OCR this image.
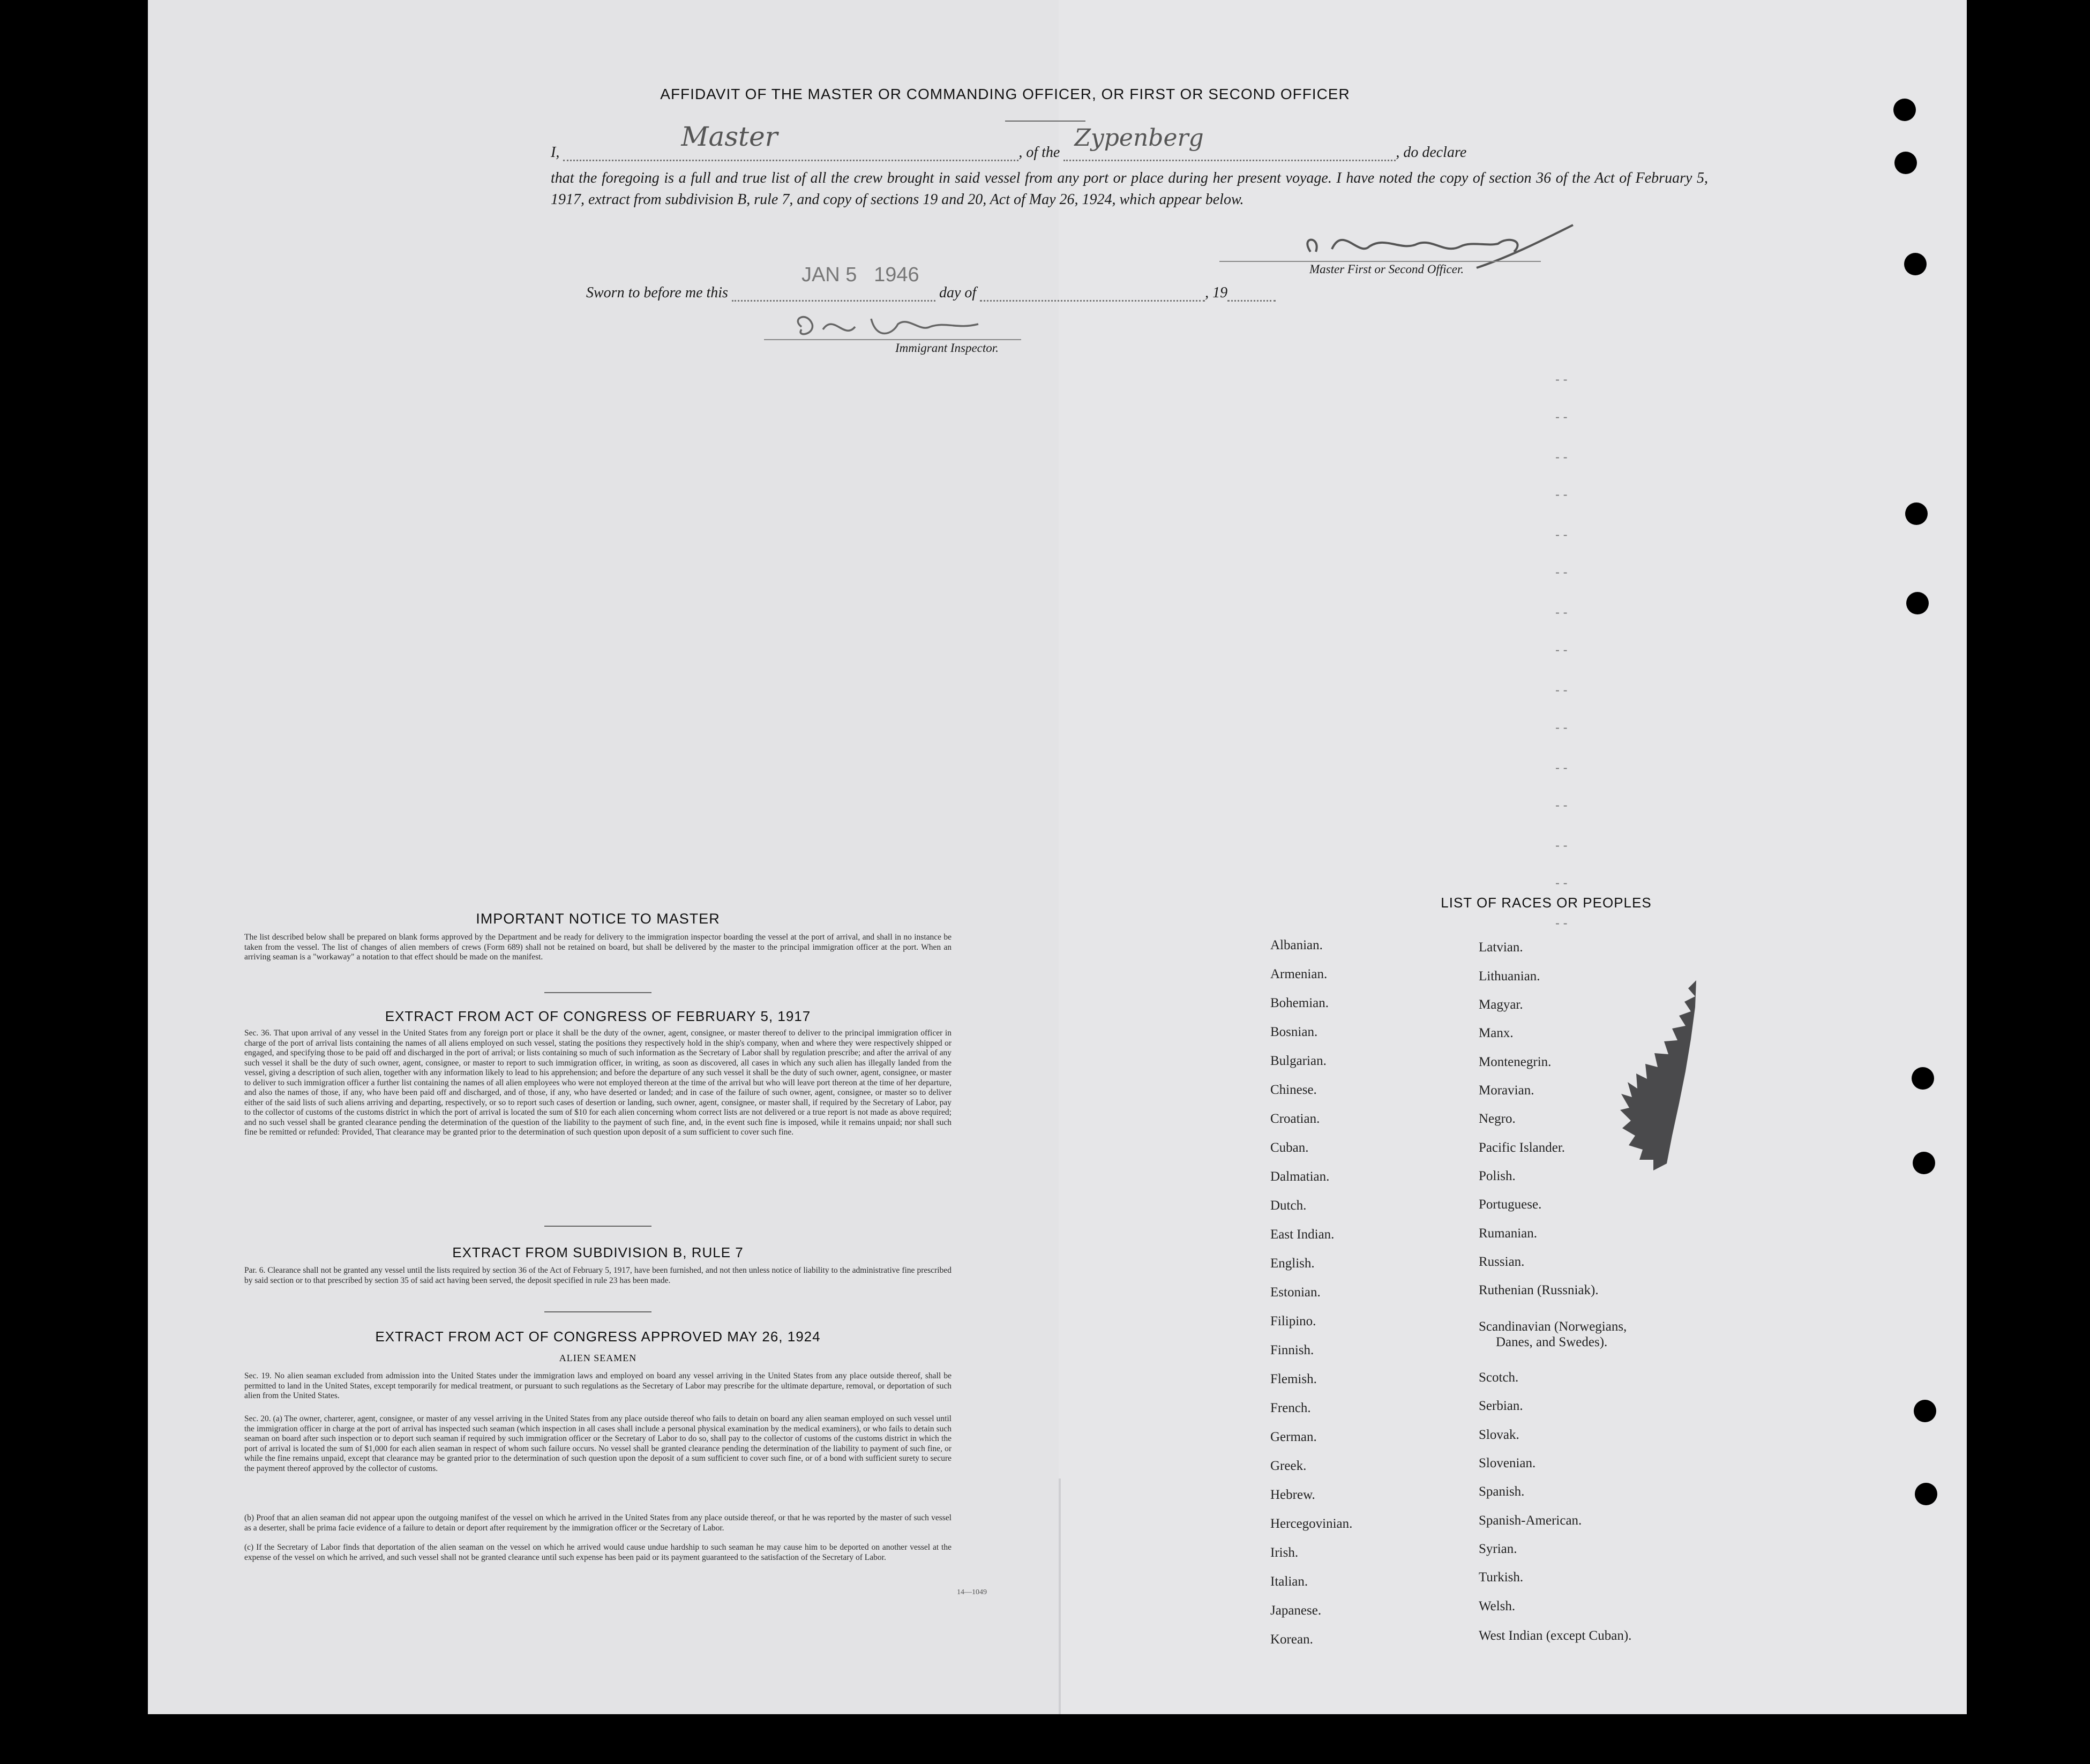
AFFIDAVIT OF THE MASTER OR COMMANDING OFFICER, OR FIRST OR SECOND OFFICER
I,
Master
, of the
Zypenberg
, do declare
that the foregoing is a full and true list of all the crew brought in said vessel from any port or place during her present voyage. I have noted the copy of section 36 of the Act of February 5, 1917, extract from subdivision B, rule 7, and copy of sections 19 and 20, Act of May 26, 1924, which appear below.
Master First or Second Officer.
Sworn to before me this
JAN 5   1946
day of	, 19
Immigrant Inspector.
IMPORTANT NOTICE TO MASTER
The list described below shall be prepared on blank forms approved by the Department and be ready for delivery to the immigration inspector boarding the vessel at the port of arrival, and shall in no instance be taken from the vessel. The list of changes of alien members of crews (Form 689) shall not be retained on board, but shall be delivered by the master to the principal immigration officer at the port. When an arriving seaman is a "workaway" a notation to that effect should be made on the manifest.
EXTRACT FROM ACT OF CONGRESS OF FEBRUARY 5, 1917
Sec. 36. That upon arrival of any vessel in the United States from any foreign port or place it shall be the duty of the owner, agent, consignee, or master thereof to deliver to the principal immigration officer in charge of the port of arrival lists containing the names of all aliens employed on such vessel, stating the positions they respectively hold in the ship's company, when and where they were respectively shipped or engaged, and specifying those to be paid off and discharged in the port of arrival; or lists containing so much of such information as the Secretary of Labor shall by regulation prescribe; and after the arrival of any such vessel it shall be the duty of such owner, agent, consignee, or master to report to such immigration officer, in writing, as soon as discovered, all cases in which any such alien has illegally landed from the vessel, giving a description of such alien, together with any information likely to lead to his apprehension; and before the departure of any such vessel it shall be the duty of such owner, agent, consignee, or master to deliver to such immigration officer a further list containing the names of all alien employees who were not employed thereon at the time of the arrival but who will leave port thereon at the time of her departure, and also the names of those, if any, who have been paid off and discharged, and of those, if any, who have deserted or landed; and in case of the failure of such owner, agent, consignee, or master so to deliver either of the said lists of such aliens arriving and departing, respectively, or so to report such cases of desertion or landing, such owner, agent, consignee, or master shall, if required by the Secretary of Labor, pay to the collector of customs of the customs district in which the port of arrival is located the sum of $10 for each alien concerning whom correct lists are not delivered or a true report is not made as above required; and no such vessel shall be granted clearance pending the determination of the question of the liability to the payment of such fine, and, in the event such fine is imposed, while it remains unpaid; nor shall such fine be remitted or refunded: Provided, That clearance may be granted prior to the determination of such question upon deposit of a sum sufficient to cover such fine.
EXTRACT FROM SUBDIVISION B, RULE 7
Par. 6. Clearance shall not be granted any vessel until the lists required by section 36 of the Act of February 5, 1917, have been furnished, and not then unless notice of liability to the administrative fine prescribed by said section or to that prescribed by section 35 of said act having been served, the deposit specified in rule 23 has been made.
EXTRACT FROM ACT OF CONGRESS APPROVED MAY 26, 1924
ALIEN SEAMEN
Sec. 19. No alien seaman excluded from admission into the United States under the immigration laws and employed on board any vessel arriving in the United States from any place outside thereof, shall be permitted to land in the United States, except temporarily for medical treatment, or pursuant to such regulations as the Secretary of Labor may prescribe for the ultimate departure, removal, or deportation of such alien from the United States.
Sec. 20. (a) The owner, charterer, agent, consignee, or master of any vessel arriving in the United States from any place outside thereof who fails to detain on board any alien seaman employed on such vessel until the immigration officer in charge at the port of arrival has inspected such seaman (which inspection in all cases shall include a personal physical examination by the medical examiners), or who fails to detain such seaman on board after such inspection or to deport such seaman if required by such immigration officer or the Secretary of Labor to do so, shall pay to the collector of customs of the customs district in which the port of arrival is located the sum of $1,000 for each alien seaman in respect of whom such failure occurs. No vessel shall be granted clearance pending the determination of the liability to payment of such fine, or while the fine remains unpaid, except that clearance may be granted prior to the determination of such question upon the deposit of a sum sufficient to cover such fine, or of a bond with sufficient surety to secure the payment thereof approved by the collector of customs.
(b) Proof that an alien seaman did not appear upon the outgoing manifest of the vessel on which he arrived in the United States from any place outside thereof, or that he was reported by the master of such vessel as a deserter, shall be prima facie evidence of a failure to detain or deport after requirement by the immigration officer or the Secretary of Labor.
(c) If the Secretary of Labor finds that deportation of the alien seaman on the vessel on which he arrived would cause undue hardship to such seaman he may cause him to be deported on another vessel at the expense of the vessel on which he arrived, and such vessel shall not be granted clearance until such expense has been paid or its payment guaranteed to the satisfaction of the Secretary of Labor.
14—1049
LIST OF RACES OR PEOPLES
Albanian.
Armenian.
Bohemian.
Bosnian.
Bulgarian.
Chinese.
Croatian.
Cuban.
Dalmatian.
Dutch.
East Indian.
English.
Estonian.
Filipino.
Finnish.
Flemish.
French.
German.
Greek.
Hebrew.
Hercegovinian.
Irish.
Italian.
Japanese.
Korean.
Latvian.
Lithuanian.
Magyar.
Manx.
Montenegrin.
Moravian.
Negro.
Pacific Islander.
Polish.
Portuguese.
Rumanian.
Russian.
Ruthenian (Russniak).
Scandinavian (Norwegians,
Danes, and Swedes).
Scotch.
Serbian.
Slovak.
Slovenian.
Spanish.
Spanish-American.
Syrian.
Turkish.
Welsh.
West Indian (except Cuban).
- -
- -
- -
- -
- -
- -
- -
- -
- -
- -
- -
- -
- -
- -
- -
